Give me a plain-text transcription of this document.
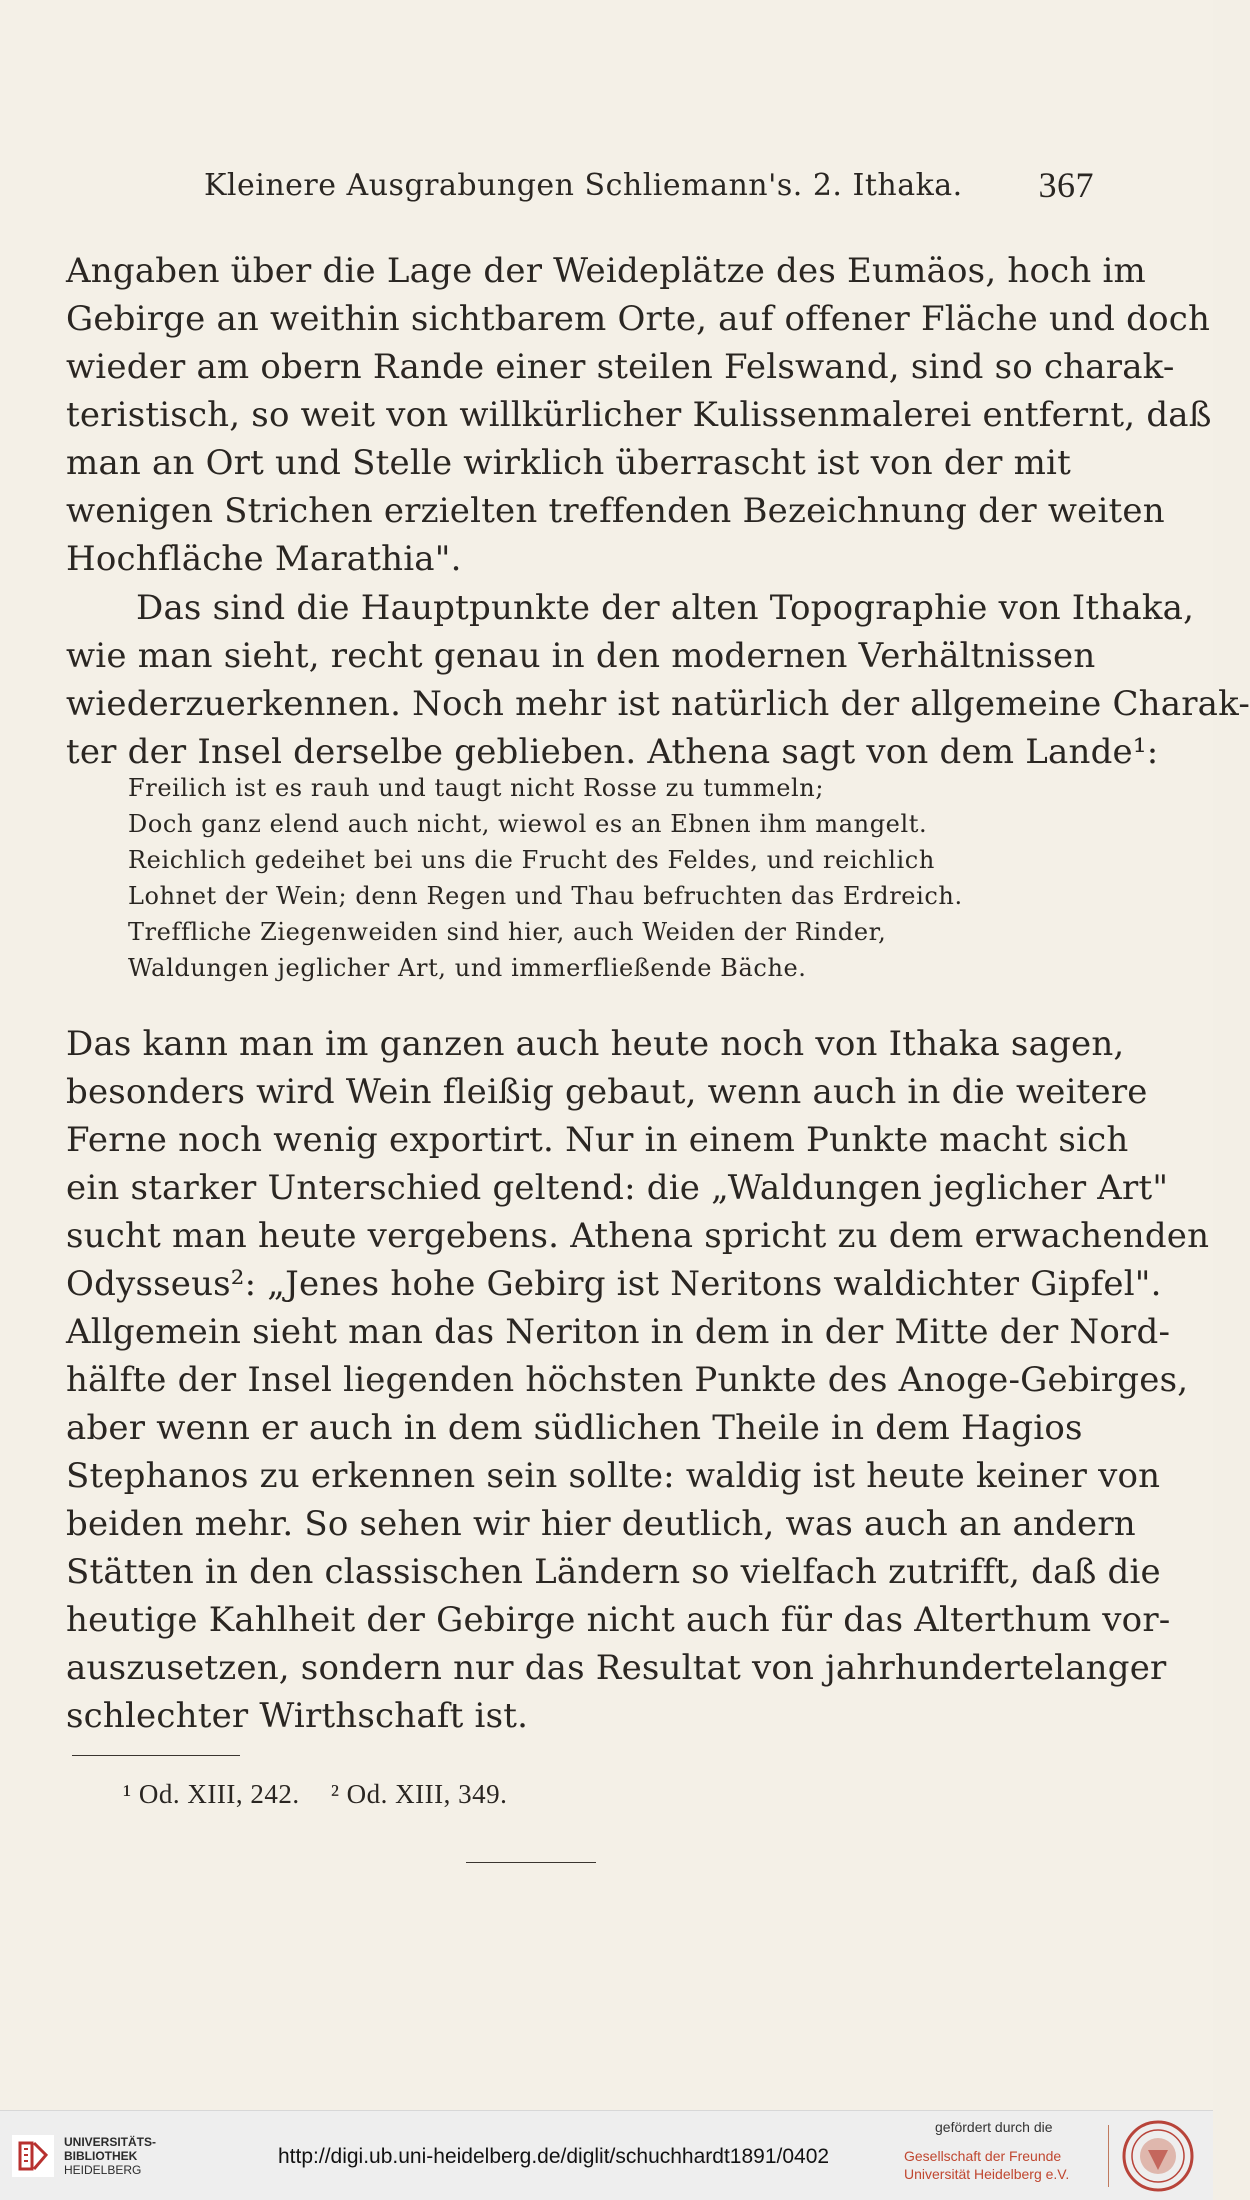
Kleinere Ausgrabungen Schliemann's. 2. Ithaka. 367
Angaben über die Lage der Weideplätze des Eumäos, hoch im
Gebirge an weithin sichtbarem Orte, auf offener Fläche und doch
wieder am obern Rande einer steilen Felswand, sind so charak-
teristisch, so weit von willkürlicher Kulissenmalerei entfernt, daß
man an Ort und Stelle wirklich überrascht ist von der mit
wenigen Strichen erzielten treffenden Bezeichnung der weiten
Hochfläche Marathia".
Das sind die Hauptpunkte der alten Topographie von Ithaka,
wie man sieht, recht genau in den modernen Verhältnissen
wiederzuerkennen. Noch mehr ist natürlich der allgemeine Charak-
ter der Insel derselbe geblieben. Athena sagt von dem Lande¹:
Freilich ist es rauh und taugt nicht Rosse zu tummeln;
Doch ganz elend auch nicht, wiewol es an Ebnen ihm mangelt.
Reichlich gedeihet bei uns die Frucht des Feldes, und reichlich
Lohnet der Wein; denn Regen und Thau befruchten das Erdreich.
Treffliche Ziegenweiden sind hier, auch Weiden der Rinder,
Waldungen jeglicher Art, und immerfließende Bäche.
Das kann man im ganzen auch heute noch von Ithaka sagen,
besonders wird Wein fleißig gebaut, wenn auch in die weitere
Ferne noch wenig exportirt. Nur in einem Punkte macht sich
ein starker Unterschied geltend: die „Waldungen jeglicher Art"
sucht man heute vergebens. Athena spricht zu dem erwachenden
Odysseus²: „Jenes hohe Gebirg ist Neritons waldichter Gipfel".
Allgemein sieht man das Neriton in dem in der Mitte der Nord-
hälfte der Insel liegenden höchsten Punkte des Anoge-Gebirges,
aber wenn er auch in dem südlichen Theile in dem Hagios
Stephanos zu erkennen sein sollte: waldig ist heute keiner von
beiden mehr. So sehen wir hier deutlich, was auch an andern
Stätten in den classischen Ländern so vielfach zutrifft, daß die
heutige Kahlheit der Gebirge nicht auch für das Alterthum vor-
auszusetzen, sondern nur das Resultat von jahrhundertelanger
schlechter Wirthschaft ist.
¹ Od. XIII, 242. ² Od. XIII, 349.
UNIVERSITÄTS-
BIBLIOTHEK
HEIDELBERG
http://digi.ub.uni-heidelberg.de/diglit/schuchhardt1891/0402
gefördert durch die
Gesellschaft der Freunde
Universität Heidelberg e.V.
